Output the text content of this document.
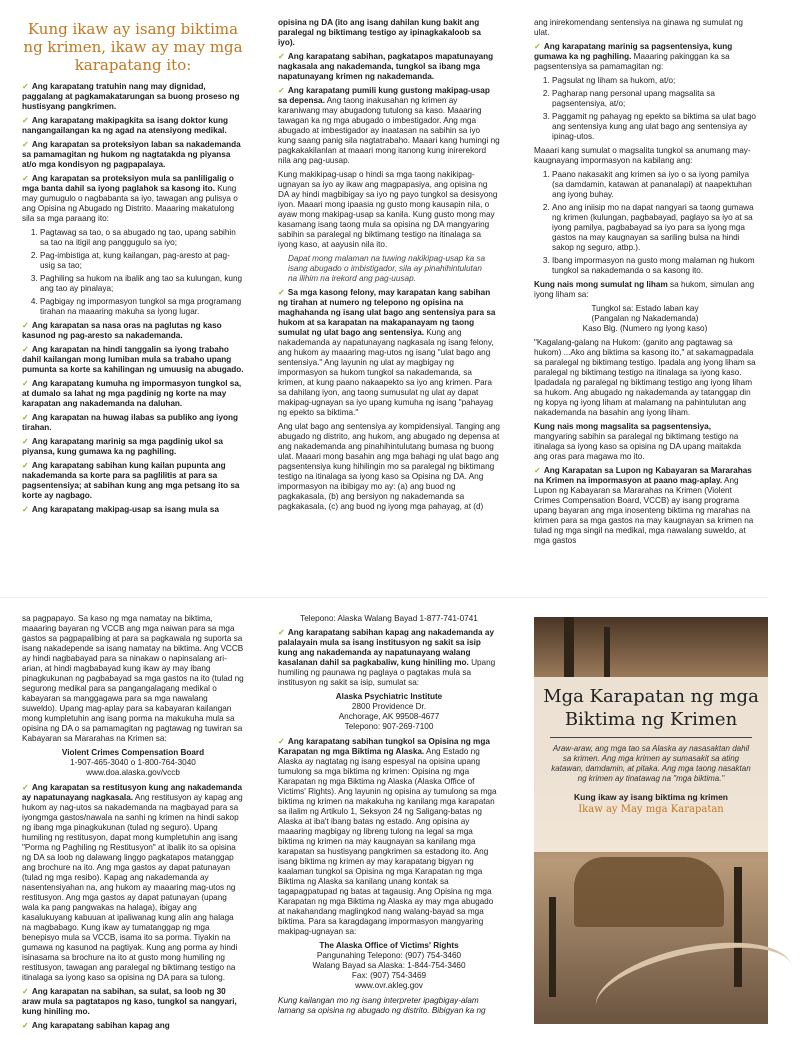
Kung ikaw ay isang biktima ng krimen, ikaw ay may mga karapatang ito:

✓ Ang karapatang tratuhin nang may dignidad, paggalang at pagkamakatarungan sa buong proseso ng hustisyang pangkrimen.

✓ Ang karapatang makipagkita sa isang doktor kung nangangailangan ka ng agad na atensiyong medikal.

✓ Ang karapatan sa proteksiyon laban sa nakademanda sa pamamagitan ng hukom ng nagtatakda ng piyansa at/o mga kondisyon ng pagpapalaya.

✓ Ang karapatan sa proteksiyon mula sa panliligalig o mga banta dahil sa iyong paglahok sa kasong ito. Kung may gumugulo o nagbabanta sa iyo, tawagan ang pulisya o ang Opisina ng Abugado ng Distrito. Maaaring makatulong sila sa mga paraang ito:

1. Pagtawag sa tao, o sa abugado ng tao, upang sabihin sa tao na itigil ang panggugulo sa iyo;
2. Pag-imbistiga at, kung kailangan, pag-aresto at pag-usig sa tao;
3. Paghiling sa hukom na ibalik ang tao sa kulungan, kung ang tao ay pinalaya;
4. Pagbigay ng impormasyon tungkol sa mga programang tirahan na maaaring makuha sa iyong lugar.

✓ Ang karapatan sa nasa oras na paglutas ng kaso kasunod ng pag-aresto sa nakademanda.

✓ Ang karapatan na hindi tanggalin sa iyong trabaho dahil kailangan mong lumiban mula sa trabaho upang pumunta sa korte sa kahilingan ng umuusig na abugado.

✓ Ang karapatang kumuha ng impormasyon tungkol sa, at dumalo sa lahat ng mga pagdinig ng korte na may karapatan ang nakademanda na daluhan.

✓ Ang karapatan na huwag ilabas sa publiko ang iyong tirahan.

✓ Ang karapatang marinig sa mga pagdinig ukol sa piyansa, kung gumawa ka ng paghiling.

✓ Ang karapatang sabihan kung kailan pupunta ang nakademanda sa korte para sa paglilitis at para sa pagsentensiya; at sabihan kung ang mga petsang ito sa korte ay nagbago.

✓ Ang karapatang makipag-usap sa isang mula sa

opisina ng DA (ito ang isang dahilan kung bakit ang paralegal ng biktimang testigo ay ipinagkakaloob sa iyo).

✓ Ang karapatang sabihan, pagkatapos mapatunayang nagkasala ang nakademanda, tungkol sa ibang mga napatunayang krimen ng nakademanda.

✓ Ang karapatang pumili kung gustong makipag-usap sa depensa. Ang taong inakusahan ng krimen ay karaniwang may abugadong tutulong sa kaso. Maaaring tawagan ka ng mga abugado o imbestigador. Ang mga abugado at imbestigador ay inaatasan na sabihin sa iyo kung saang panig sila nagtatrabaho. Maaari kang humingi ng pagkakakilanlan at maaari mong itanong kung inirerekord nila ang pag-uusap.

Kung makikipag-usap o hindi sa mga taong nakikipag-ugnayan sa iyo ay ikaw ang magpapasiya, ang opisina ng DA ay hindi magbibigay sa iyo ng payo tungkol sa desisyong iyon. Maaari mong ipaasia ng gusto mong kausapin nila, o ayaw mong makipag-usap sa kanila. Kung gusto mong may kasamang isang taong mula sa opisina ng DA mangyaring sabihin sa paralegal ng biktimang testigo na itinalaga sa iyong kaso, at aayusin nila ito.

Dapat mong malaman na tuwing nakikipag-usap ka sa isang abugado o imbistigador, sila ay pinahihintulutan na ilihim na irekord ang pag-uusap.

✓ Sa mga kasong felony, may karapatan kang sabihan ng tirahan at numero ng telepono ng opisina na maghahanda ng isang ulat bago ang sentensiya para sa hukom at sa karapatan na makapanayam ng taong sumulat ng ulat bago ang sentensiya. Kung ang nakademanda ay napatunayang nagkasala ng isang felony, ang hukom ay maaaring mag-utos ng isang "ulat bago ang sentensiya." Ang layunin ng ulat ay magbigay ng impormasyon sa hukom tungkol sa nakademanda, sa krimen, at kung paano nakaapekto sa iyo ang krimen. Para sa dahilang iyon, ang taong sumusulat ng ulat ay dapat makipag-ugnayan sa iyo upang kumuha ng isang "pahayag ng epekto sa biktima."

Ang ulat bago ang sentensiya ay kompidensiyal. Tanging ang abugado ng distrito, ang hukom, ang abugado ng depensa at ang nakademanda ang pinahihintulutang bumasa ng buong ulat. Maaari mong basahin ang mga bahagi ng ulat bago ang pagsentensiya kung hihilingin mo sa paralegal ng biktimang testigo na itinalaga sa iyong kaso sa Opisina ng DA. Ang impormasyon na ibibigay mo ay: (a) ang buod ng pagkakasala, (b) ang bersiyon ng nakademanda sa pagkakasala, (c) ang buod ng iyong mga pahayag, at (d)

ang inirekomendang sentensiya na ginawa ng sumulat ng ulat.

✓ Ang karapatang marinig sa pagsentensiya, kung gumawa ka ng paghiling. Maaaring pakinggan ka sa pagsentensiya sa pamamagitan ng:

1. Pagsulat ng liham sa hukom, at/o;
2. Pagharap nang personal upang magsalita sa pagsentensiya, at/o;
3. Paggamit ng pahayag ng epekto sa biktima sa ulat bago ang sentensiya kung ang ulat bago ang sentensiya ay ipinag-utos.

Maaari kang sumulat o magsalita tungkol sa anumang may-kaugnayang impormasyon na kabilang ang:

1. Paano nakasakit ang krimen sa iyo o sa iyong pamilya (sa damdamin, katawan at pananalapi) at naapektuhan ang iyong buhay.
2. Ano ang iniisip mo na dapat nangyari sa taong gumawa ng krimen (kulungan, pagbabayad, paglayo sa iyo at sa iyong pamilya, pagbabayad sa iyo para sa iyong mga gastos na may kaugnayan sa sariling bulsa na hindi sakop ng seguro, atbp.).
3. Ibang impormasyon na gusto mong malaman ng hukom tungkol sa nakademanda o sa kasong ito.

Kung nais mong sumulat ng liham sa hukom, simulan ang iyong liham sa:

Tungkol sa: Estado laban kay
(Pangalan ng Nakademanda)
Kaso Blg. (Numero ng iyong kaso)

"Kagalang-galang na Hukom: (ganito ang pagtawag sa hukom) ...Ako ang biktima sa kasong ito," at sakamagpadala sa paralegal ng biktimang testigo. Ipadala ang iyong liham sa paralegal ng biktimang testigo na itinalaga sa iyong kaso. Ipadadala ng paralegal ng biktimang testigo ang iyong liham sa hukom. Ang abugado ng nakademanda ay tatanggap din ng kopya ng iyong liham at malamang na pahintulutan ang nakademanda na basahin ang iyong liham.

Kung nais mong magsalita sa pagsentensiya, mangyaring sabihin sa paralegal ng biktimang testigo na itinalaga sa iyong kaso sa opisina ng DA upang maitakda ang oras para magawa mo ito.

✓ Ang Karapatan sa Lupon ng Kabayaran sa Mararahas na Krimen na impormasyon at paano mag-aplay. Ang Lupon ng Kabayaran sa Mararahas na Krimen (Violent Crimes Compensation Board, VCCB) ay isang programa upang bayaran ang mga inosenteng biktima ng marahas na krimen para sa mga gastos na may kaugnayan sa krimen na tulad ng mga singil na medikal, mga nawalang suweldo, at mga gastos

sa pagpapayo. Sa kaso ng mga namatay na biktima, maaaring bayaran ng VCCB ang mga naiwan para sa mga gastos sa pagpapalibing at para sa pagkawala ng suporta sa isang nakadepende sa isang namatay na biktima. Ang VCCB ay hindi nagbabayad para sa ninakaw o napinsalang ari-arian, at hindi magbabayad kung ikaw ay may ibang pinagkukunan ng pagbabayad sa mga gastos na ito (tulad ng segurong medikal para sa pangangalagang medikal o kabayaran sa manggagawa para sa mga nawalang suweldo). Upang mag-aplay para sa kabayaran kailangan mong kumpletuhin ang isang porma na makukuha mula sa opisina ng DA o sa pamamagitan ng pagtawag ng tuwiran sa Kabayaran sa Mararahas na Krimen sa:

Violent Crimes Compensation Board
1-907-465-3040 o 1-800-764-3040
www.doa.alaska.gov/vccb

✓ Ang karapatan sa restitusyon kung ang nakademanda ay napatunayang nagkasala. Ang restitusyon ay kapag ang hukom ay nag-utos sa nakademanda na magbayad para sa iyongmga gastos/nawala na sanhi ng krimen na hindi sakop ng ibang mga pinagkukunan (tulad ng seguro). Upang humiling ng restitusyon, dapat mong kumpletuhin ang isang "Porma ng Paghiling ng Restitusyon" at ibalik ito sa opisina ng DA sa loob ng dalawang linggo pagkatapos matanggap ang brochure na ito. Ang mga gastos ay dapat patunayan (tulad ng mga resibo). Kapag ang nakademanda ay nasentensiyahan na, ang hukom ay maaaring mag-utos ng restitusyon. Ang mga gastos ay dapat patunayan (upang wala ka pang pangwakas na halaga), ibigay ang kasalukuyang kabuuan at ipaliwanag kung alin ang halaga na magbabago. Kung ikaw ay tumatanggap ng mga benepisyo mula sa VCCB, isama ito sa porma. Tiyakin na gumawa ng kasunod na pagtiyak. Kung ang porma ay hindi isinasama sa brochure na ito at gusto mong humiling ng restitusyon, tawagan ang paralegal ng biktimang testigo na itinalaga sa iyong kaso sa opisina ng DA para sa tulong.

✓ Ang karapatan na sabihan, sa sulat, sa loob ng 30 araw mula sa pagtatapos ng kaso, tungkol sa nangyari, kung hiniling mo.

✓ Ang karapatang sabihan kapag ang

Telepono: Alaska Walang Bayad 1-877-741-0741

✓ Ang karapatang sabihan kapag ang nakademanda ay palalayain mula sa isang institusyon ng sakit sa isip kung ang nakademanda ay napatunayang walang kasalanan dahil sa pagkabaliw, kung hiniling mo. Upang humiling ng paunawa ng paglaya o pagtakas mula sa institusyon ng sakit sa isip, sumulat sa:

Alaska Psychiatric Institute
2800 Providence Dr.
Anchorage, AK 99508-4677
Telepono: 907-269-7100

✓ Ang karapatang sabihan tungkol sa Opisina ng mga Karapatan ng mga Biktima ng Alaska. Ang Estado ng Alaska ay nagtatag ng isang espesyal na opisina upang tumulong sa mga biktima ng krimen: Opisina ng mga Karapatan ng mga Biktima ng Alaska (Alaska Office of Victims' Rights). Ang layunin ng opisina ay tumulong sa mga biktima ng krimen na makakuha ng kanilang mga karapatan sa ilalim ng Artikulo 1, Seksyon 24 ng Saligang-batas ng Alaska at iba't ibang batas ng estado. Ang opisina ay maaaring magbigay ng libreng tulong na legal sa mga biktima ng krimen na may kaugnayan sa kanilang mga karapatan sa hustisyang pangkrimen sa estadong ito. Ang isang biktima ng krimen ay may karapatang bigyan ng kaalaman tungkol sa Opisina ng mga Karapatan ng mga Biktima ng Alaska sa kanilang unang kontak sa tagapagpatupad ng batas at tagausig. Ang Opisina ng mga Karapatan ng mga Biktima ng Alaska ay may mga abugado at nakahandang maglingkod nang walang-bayad sa mga biktima. Para sa karagdagang impormasyon mangyaring makipag-ugnayan sa:

The Alaska Office of Victims' Rights
Pangunahing Telepono: (907) 754-3460
Walang Bayad sa Alaska: 1-844-754-3460
Fax: (907) 754-3469
www.ovr.akleg.gov

Kung kailangan mo ng isang interpreter ipagbigay-alam lamang sa opisina ng abugado ng distrito. Bibigyan ka ng

Mga Karapatan ng mga Biktima ng Krimen
Araw-araw, ang mga tao sa Alaska ay nasasaktan dahil sa krimen. Ang mga krimen ay sumasakit sa ating katawan, damdamin, at pitaka. Ang mga taong nasaktan ng krimen ay tinatawag na "mga biktima."
Kung ikaw ay isang biktima ng krimen
Ikaw ay May mga Karapatan
